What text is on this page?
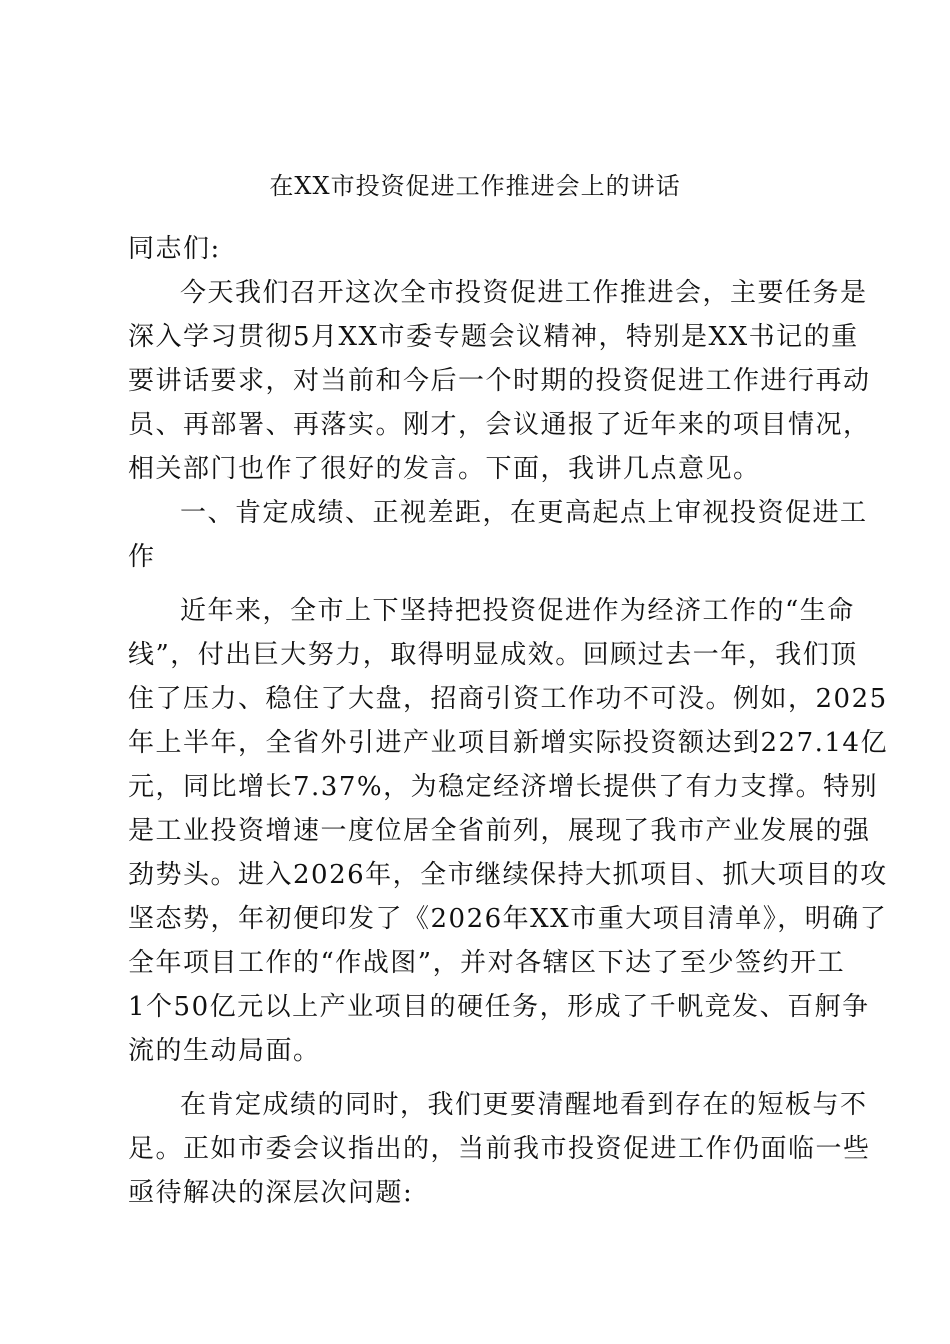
在XX市投资促进工作推进会上的讲话
同志们:
今天我们召开这次全市投资促进工作推进会，主要任务是
深入学习贯彻5月XX市委专题会议精神，特别是XX书记的重
要讲话要求，对当前和今后一个时期的投资促进工作进行再动
员、再部署、再落实。刚才，会议通报了近年来的项目情况，
相关部门也作了很好的发言。下面，我讲几点意见。
一、肯定成绩、正视差距，在更高起点上审视投资促进工
作
近年来，全市上下坚持把投资促进作为经济工作的“生命
线”，付出巨大努力，取得明显成效。回顾过去一年，我们顶
住了压力、稳住了大盘，招商引资工作功不可没。例如，2025
年上半年，全省外引进产业项目新增实际投资额达到227.14亿
元，同比增长7.37%，为稳定经济增长提供了有力支撑。特别
是工业投资增速一度位居全省前列，展现了我市产业发展的强
劲势头。进入2026年，全市继续保持大抓项目、抓大项目的攻
坚态势，年初便印发了《2026年XX市重大项目清单》，明确了
全年项目工作的“作战图”，并对各辖区下达了至少签约开工
1个50亿元以上产业项目的硬任务，形成了千帆竞发、百舸争
流的生动局面。
在肯定成绩的同时，我们更要清醒地看到存在的短板与不
足。正如市委会议指出的，当前我市投资促进工作仍面临一些
亟待解决的深层次问题:
